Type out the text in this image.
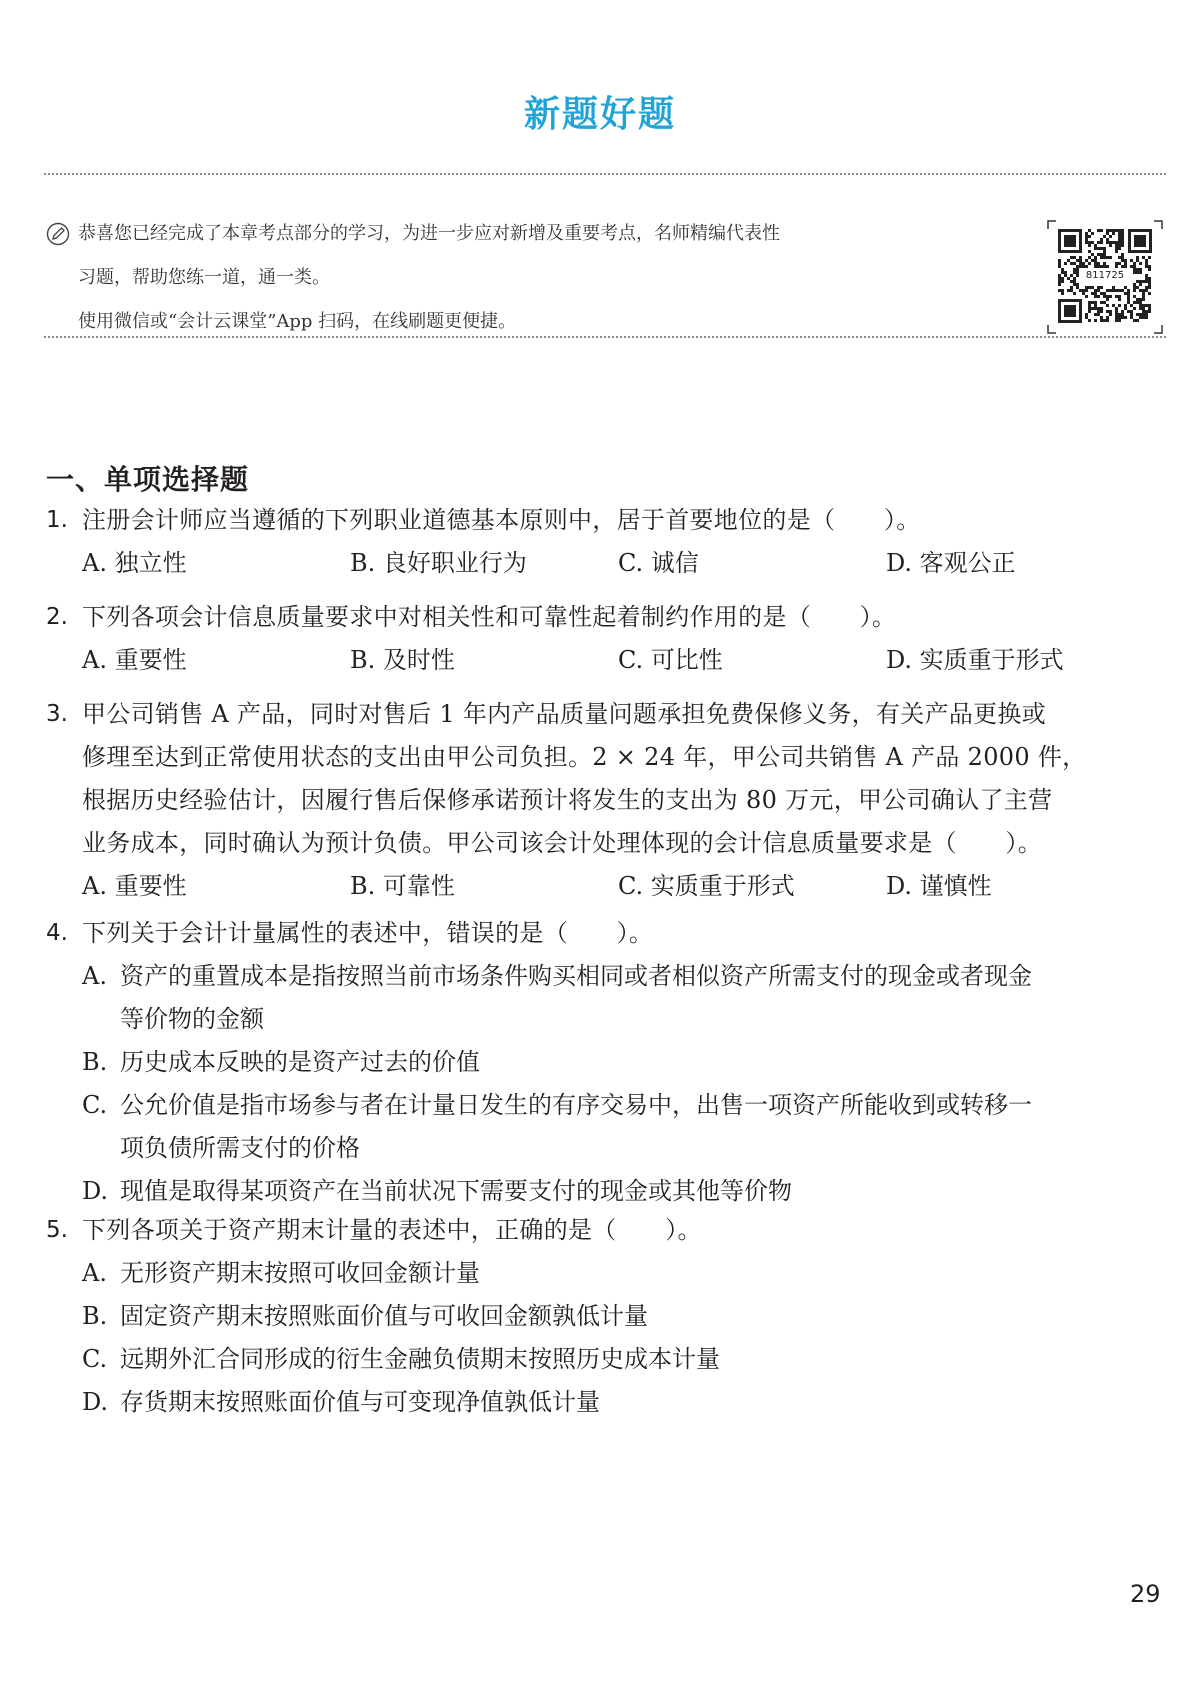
新题好题
恭喜您已经完成了本章考点部分的学习，为进一步应对新增及重要考点，名师精编代表性
习题，帮助您练一道，通一类。
使用微信或“会计云课堂”App 扫码，在线刷题更便捷。
811725
一、单项选择题
1. 注册会计师应当遵循的下列职业道德基本原则中，居于首要地位的是（　　）。
A. 独立性	B. 良好职业行为	C. 诚信	D. 客观公正
2. 下列各项会计信息质量要求中对相关性和可靠性起着制约作用的是（　　）。
A. 重要性	B. 及时性	C. 可比性	D. 实质重于形式
3. 甲公司销售 A 产品，同时对售后 1 年内产品质量问题承担免费保修义务，有关产品更换或
修理至达到正常使用状态的支出由甲公司负担。2 × 24 年，甲公司共销售 A 产品 2000 件，
根据历史经验估计，因履行售后保修承诺预计将发生的支出为 80 万元，甲公司确认了主营
业务成本，同时确认为预计负债。甲公司该会计处理体现的会计信息质量要求是（　　）。
A. 重要性	B. 可靠性	C. 实质重于形式	D. 谨慎性
4. 下列关于会计计量属性的表述中，错误的是（　　）。
A. 资产的重置成本是指按照当前市场条件购买相同或者相似资产所需支付的现金或者现金
等价物的金额
B. 历史成本反映的是资产过去的价值
C. 公允价值是指市场参与者在计量日发生的有序交易中，出售一项资产所能收到或转移一
项负债所需支付的价格
D. 现值是取得某项资产在当前状况下需要支付的现金或其他等价物
5. 下列各项关于资产期末计量的表述中，正确的是（　　）。
A. 无形资产期末按照可收回金额计量
B. 固定资产期末按照账面价值与可收回金额孰低计量
C. 远期外汇合同形成的衍生金融负债期末按照历史成本计量
D. 存货期末按照账面价值与可变现净值孰低计量
29
